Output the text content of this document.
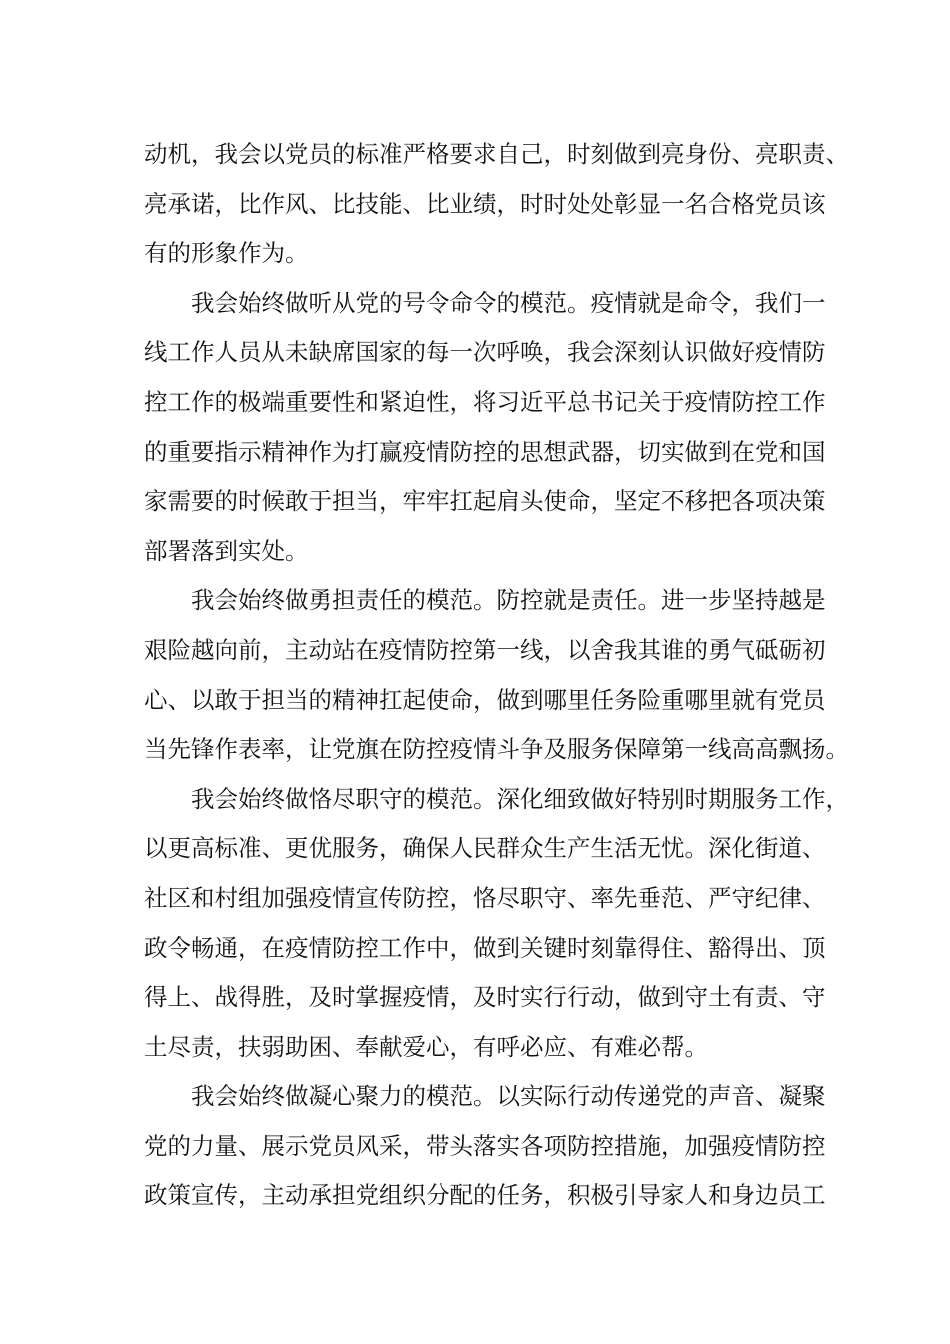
动机，我会以党员的标准严格要求自己，时刻做到亮身份、亮职责、
亮承诺，比作风、比技能、比业绩，时时处处彰显一名合格党员该
有的形象作为。
我会始终做听从党的号令命令的模范。疫情就是命令，我们一
线工作人员从未缺席国家的每一次呼唤，我会深刻认识做好疫情防
控工作的极端重要性和紧迫性，将习近平总书记关于疫情防控工作
的重要指示精神作为打赢疫情防控的思想武器，切实做到在党和国
家需要的时候敢于担当，牢牢扛起肩头使命，坚定不移把各项决策
部署落到实处。
我会始终做勇担责任的模范。防控就是责任。进一步坚持越是
艰险越向前，主动站在疫情防控第一线，以舍我其谁的勇气砥砺初
心、以敢于担当的精神扛起使命，做到哪里任务险重哪里就有党员
当先锋作表率，让党旗在防控疫情斗争及服务保障第一线高高飘扬。
我会始终做恪尽职守的模范。深化细致做好特别时期服务工作，
以更高标准、更优服务，确保人民群众生产生活无忧。深化街道、
社区和村组加强疫情宣传防控，恪尽职守、率先垂范、严守纪律、
政令畅通，在疫情防控工作中，做到关键时刻靠得住、豁得出、顶
得上、战得胜，及时掌握疫情，及时实行行动，做到守土有责、守
土尽责，扶弱助困、奉献爱心，有呼必应、有难必帮。
我会始终做凝心聚力的模范。以实际行动传递党的声音、凝聚
党的力量、展示党员风采，带头落实各项防控措施，加强疫情防控
政策宣传，主动承担党组织分配的任务，积极引导家人和身边员工
